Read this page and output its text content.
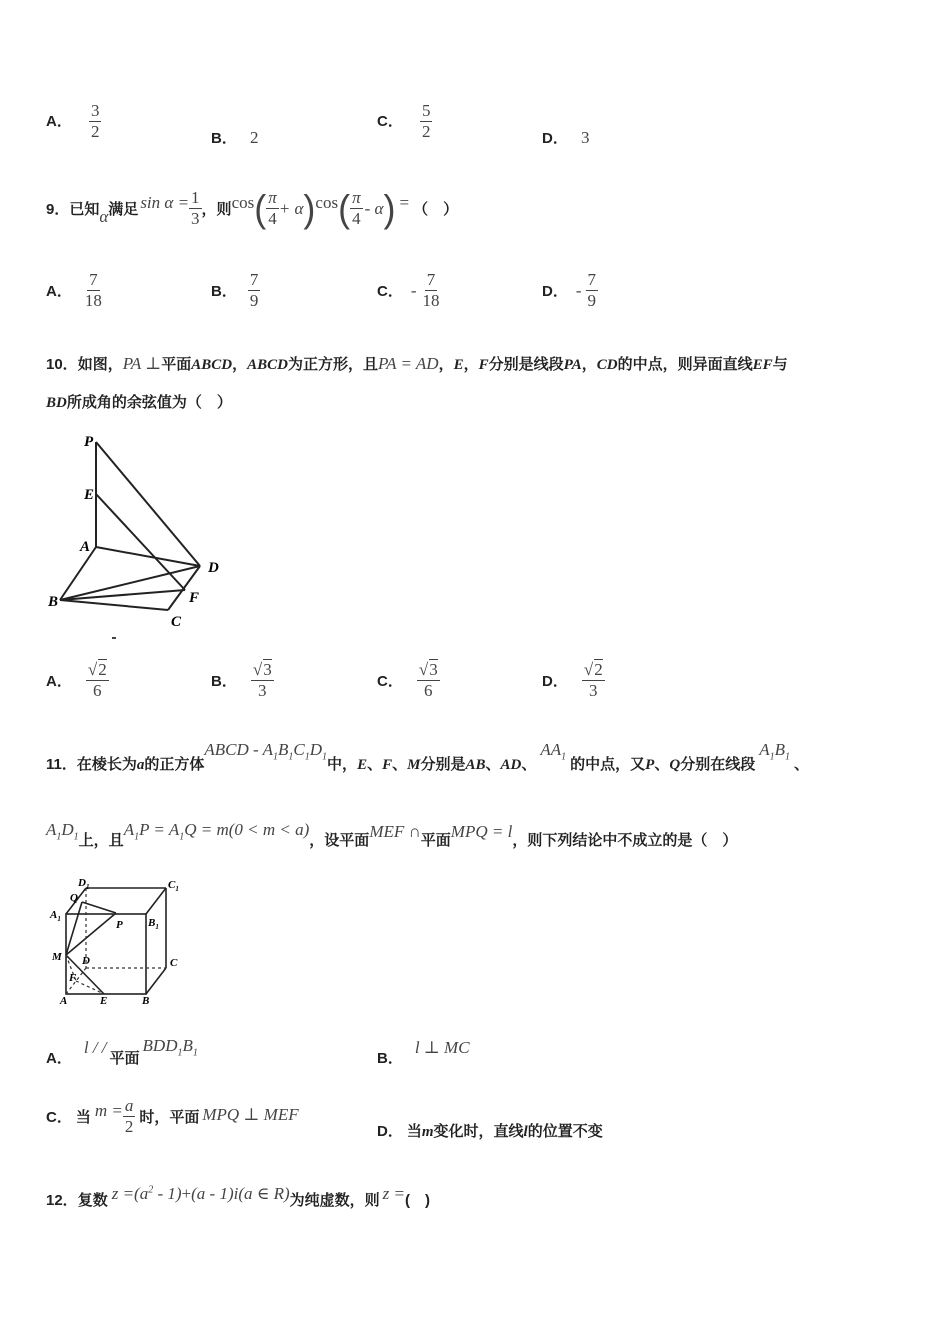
A． $\frac{3}{2}$	B． 2
C． $\frac{5}{2}$	D． 3
9． 已知 α 满足 $\sin \alpha = \frac{1}{3}$ ，则 cos ( $\frac{\pi}{4} + \alpha$ ) cos ( $\frac{\pi}{4}$ - α ) = （　）
A． $\frac{7}{18}$	B． $\frac{7}{9}$	C． - $\frac{7}{18}$	D． - $\frac{7}{9}$
10．如图，PA ⊥平面ABCD，ABCD为正方形，且PA = AD，E，F分别是线段PA，CD的中点，则异面直线EF与
BD所成角的余弦值为（　）
P
E
A
D
B	F
C
A． $\frac{√2}{6}$	B． $\frac{√3}{3}$	C． $\frac{√3}{6}$	D． $\frac{√2}{3}$
11． 在棱长为 a 的正方体
ABCD - $A_1B_1C_1D_1$ 中， E 、 F 、 M 分别是 AB 、 AD 、
$AA_1$ 的中点，又 P 、 Q 分别在线段
$A_1B_1$ 、
$A_1D_1$ 上，且
$A_1P = A_1Q = m(0 < m < a)$
，设平面 MEF ∩ 平面 MPQ = l ，则下列结论中不成立的是（　）
$D_1$	$C_1$
Q
$A_1$	P $B_1$
M D	C
F
A	E	B
A．
l / /
平面
$BDD_1B_1$	B．
l ⊥ MC
C． 当 $m = \frac{a}{2}$ 时，平面 MPQ ⊥ MEF
D． 当m变化时，直线l的位置不变
12． 复数 $z =(a^2 - 1)+(a - 1)i(a$ ∈ R) 为纯虚数，则 z = (　)
